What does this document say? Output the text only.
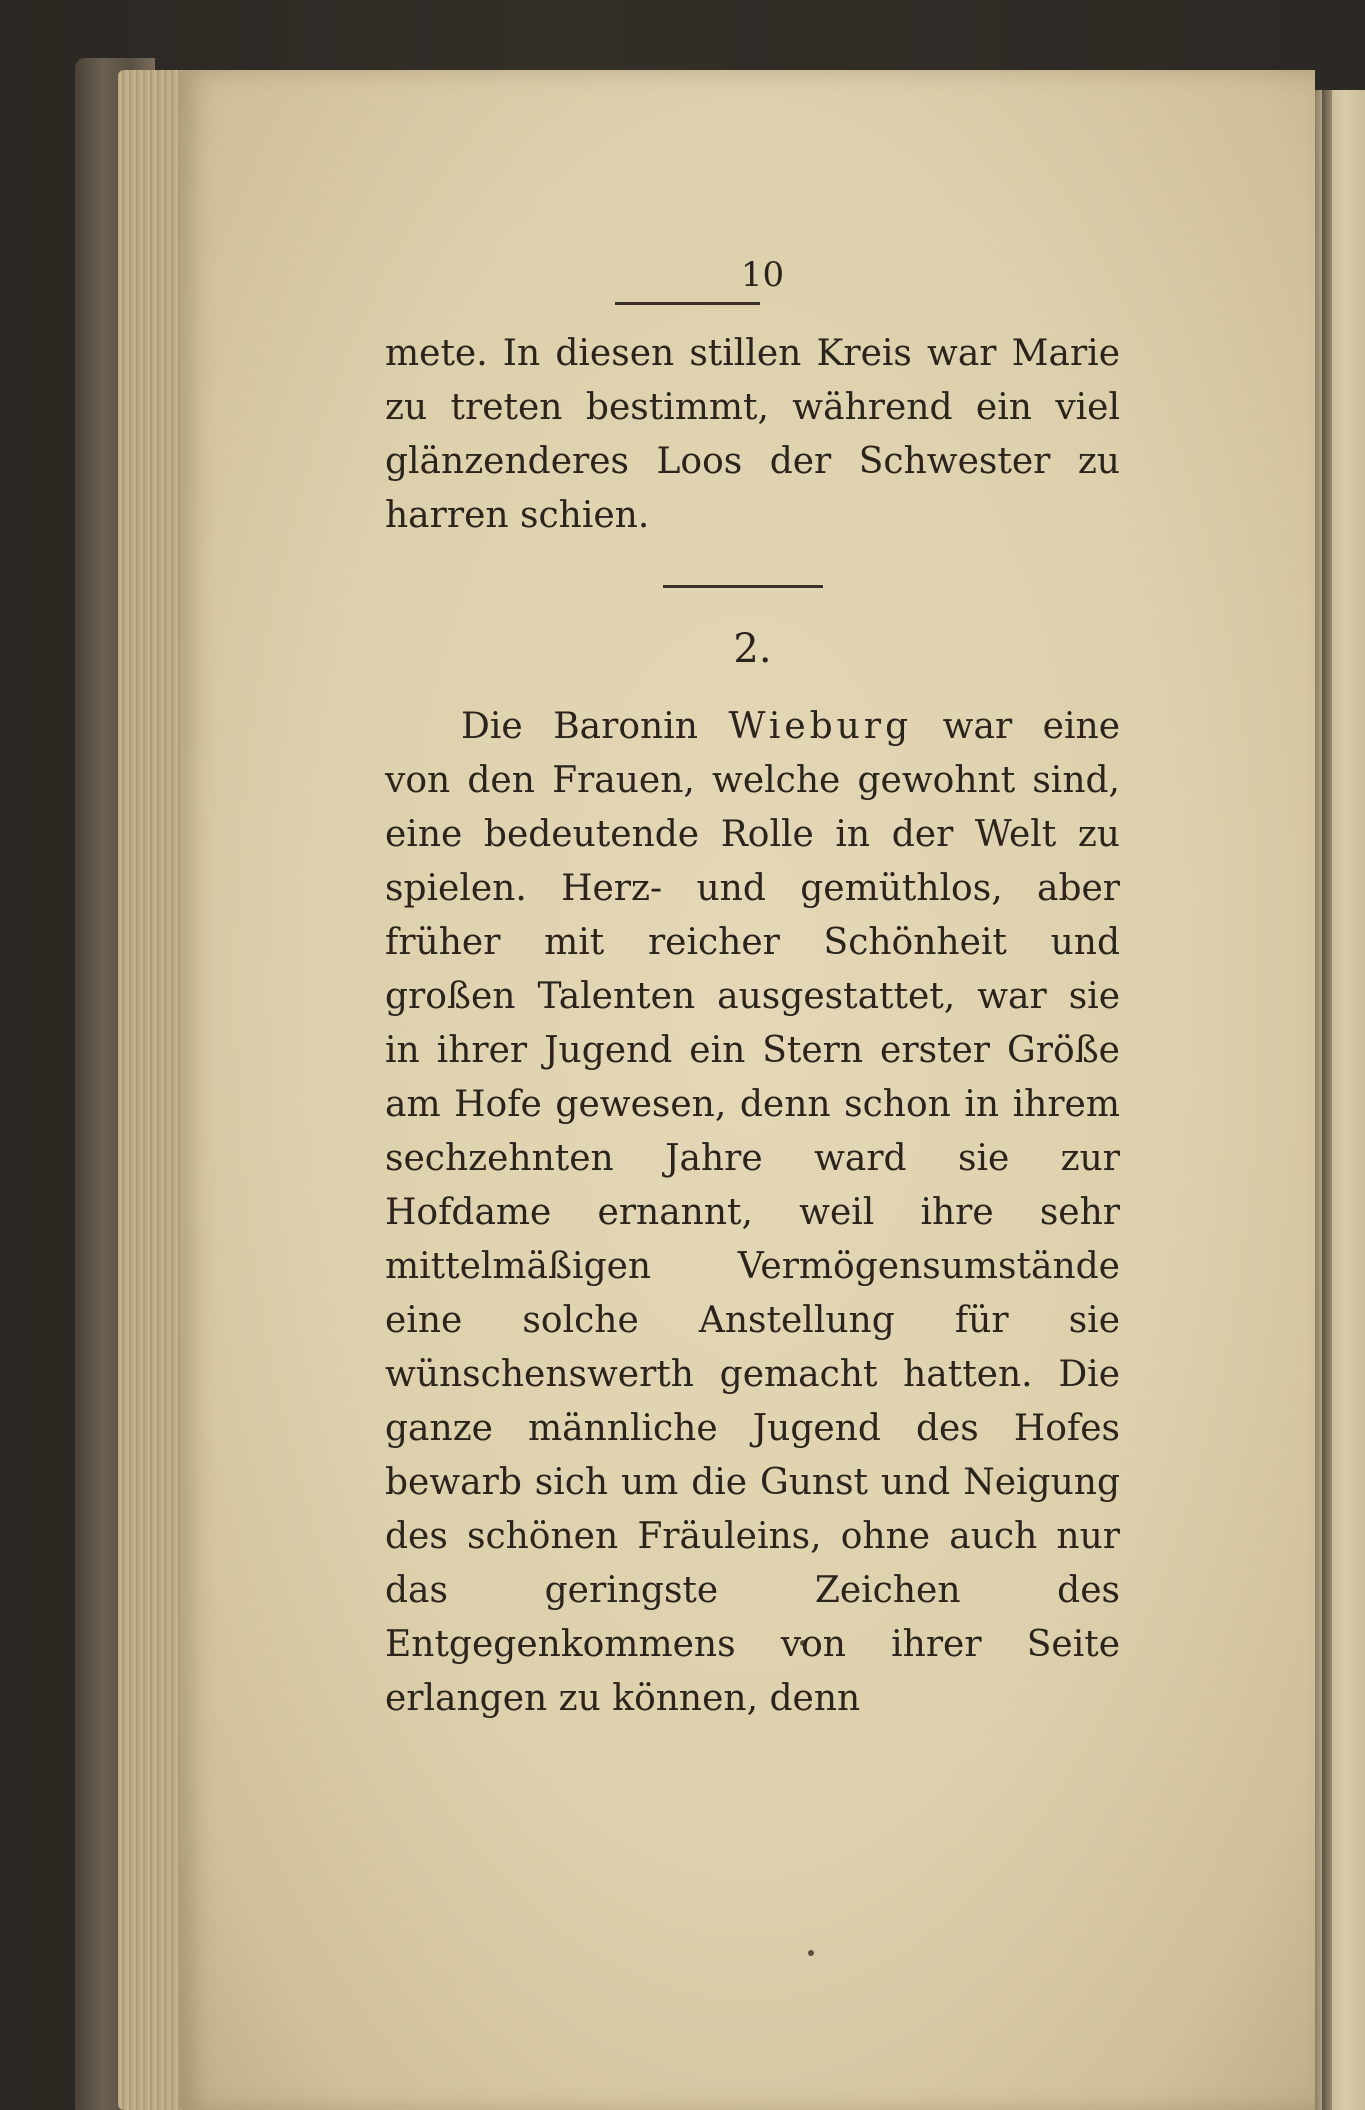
10

mete. In diesen stillen Kreis war Marie zu treten bestimmt, während ein viel glänzenderes Loos der Schwester zu harren schien.

2.

Die Baronin Wieburg war eine von den Frauen, welche gewohnt sind, eine bedeutende Rolle in der Welt zu spielen. Herz- und gemüthlos, aber früher mit reicher Schönheit und großen Talenten ausgestattet, war sie in ihrer Jugend ein Stern erster Größe am Hofe gewesen, denn schon in ihrem sechzehnten Jahre ward sie zur Hofdame ernannt, weil ihre sehr mittelmäßigen Vermögensumstände eine solche Anstellung für sie wünschenswerth gemacht hatten. Die ganze männliche Jugend des Hofes bewarb sich um die Gunst und Neigung des schönen Fräuleins, ohne auch nur das geringste Zeichen des Entgegenkommens von ihrer Seite erlangen zu können, denn
